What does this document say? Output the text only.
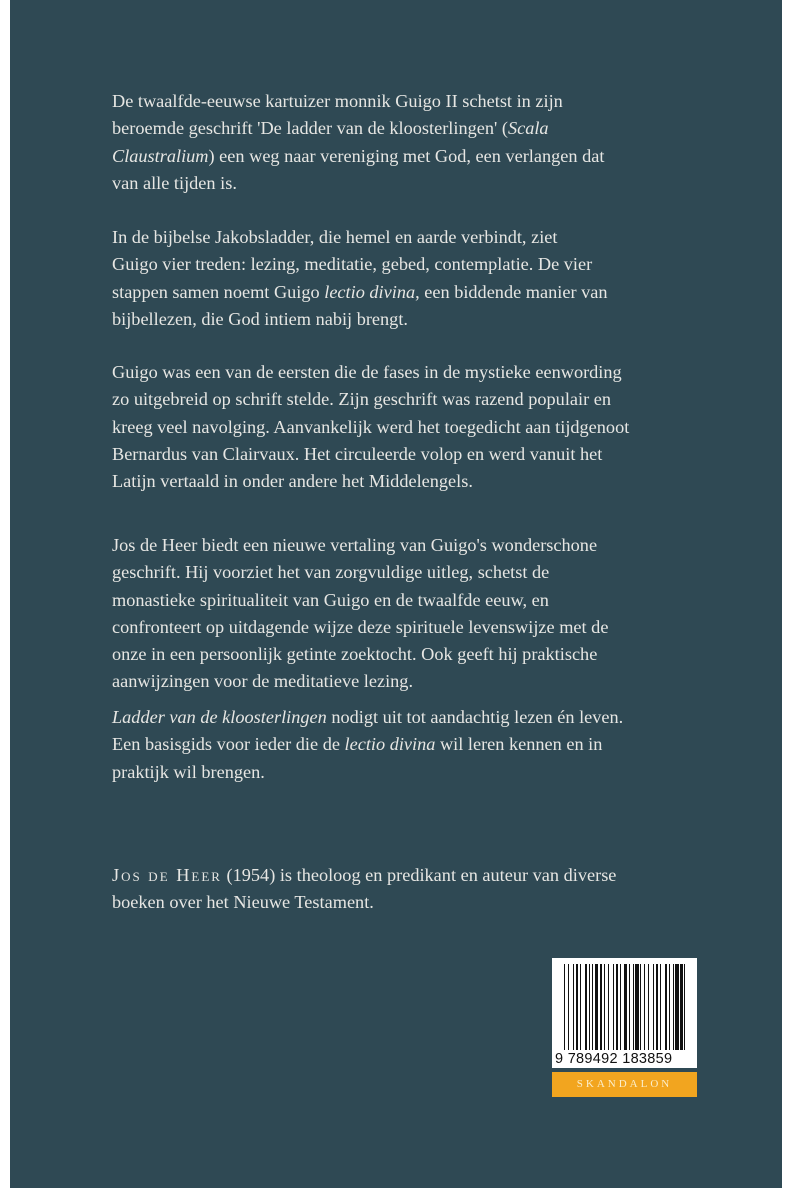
De twaalfde-eeuwse kartuizer monnik Guigo II schetst in zijn
beroemde geschrift 'De ladder van de kloosterlingen' (Scala
Claustralium) een weg naar vereniging met God, een verlangen dat
van alle tijden is.
In de bijbelse Jakobsladder, die hemel en aarde verbindt, ziet
Guigo vier treden: lezing, meditatie, gebed, contemplatie. De vier
stappen samen noemt Guigo lectio divina, een biddende manier van
bijbellezen, die God intiem nabij brengt.
Guigo was een van de eersten die de fases in de mystieke eenwording
zo uitgebreid op schrift stelde. Zijn geschrift was razend populair en
kreeg veel navolging. Aanvankelijk werd het toegedicht aan tijdgenoot
Bernardus van Clairvaux. Het circuleerde volop en werd vanuit het
Latijn vertaald in onder andere het Middelengels.
Jos de Heer biedt een nieuwe vertaling van Guigo's wonderschone
geschrift. Hij voorziet het van zorgvuldige uitleg, schetst de
monastieke spiritualiteit van Guigo en de twaalfde eeuw, en
confronteert op uitdagende wijze deze spirituele levenswijze met de
onze in een persoonlijk getinte zoektocht. Ook geeft hij praktische
aanwijzingen voor de meditatieve lezing.
Ladder van de kloosterlingen nodigt uit tot aandachtig lezen én leven.
Een basisgids voor ieder die de lectio divina wil leren kennen en in
praktijk wil brengen.
Jos de Heer (1954) is theoloog en predikant en auteur van diverse
boeken over het Nieuwe Testament.
9 789492 183859
SKANDALON
